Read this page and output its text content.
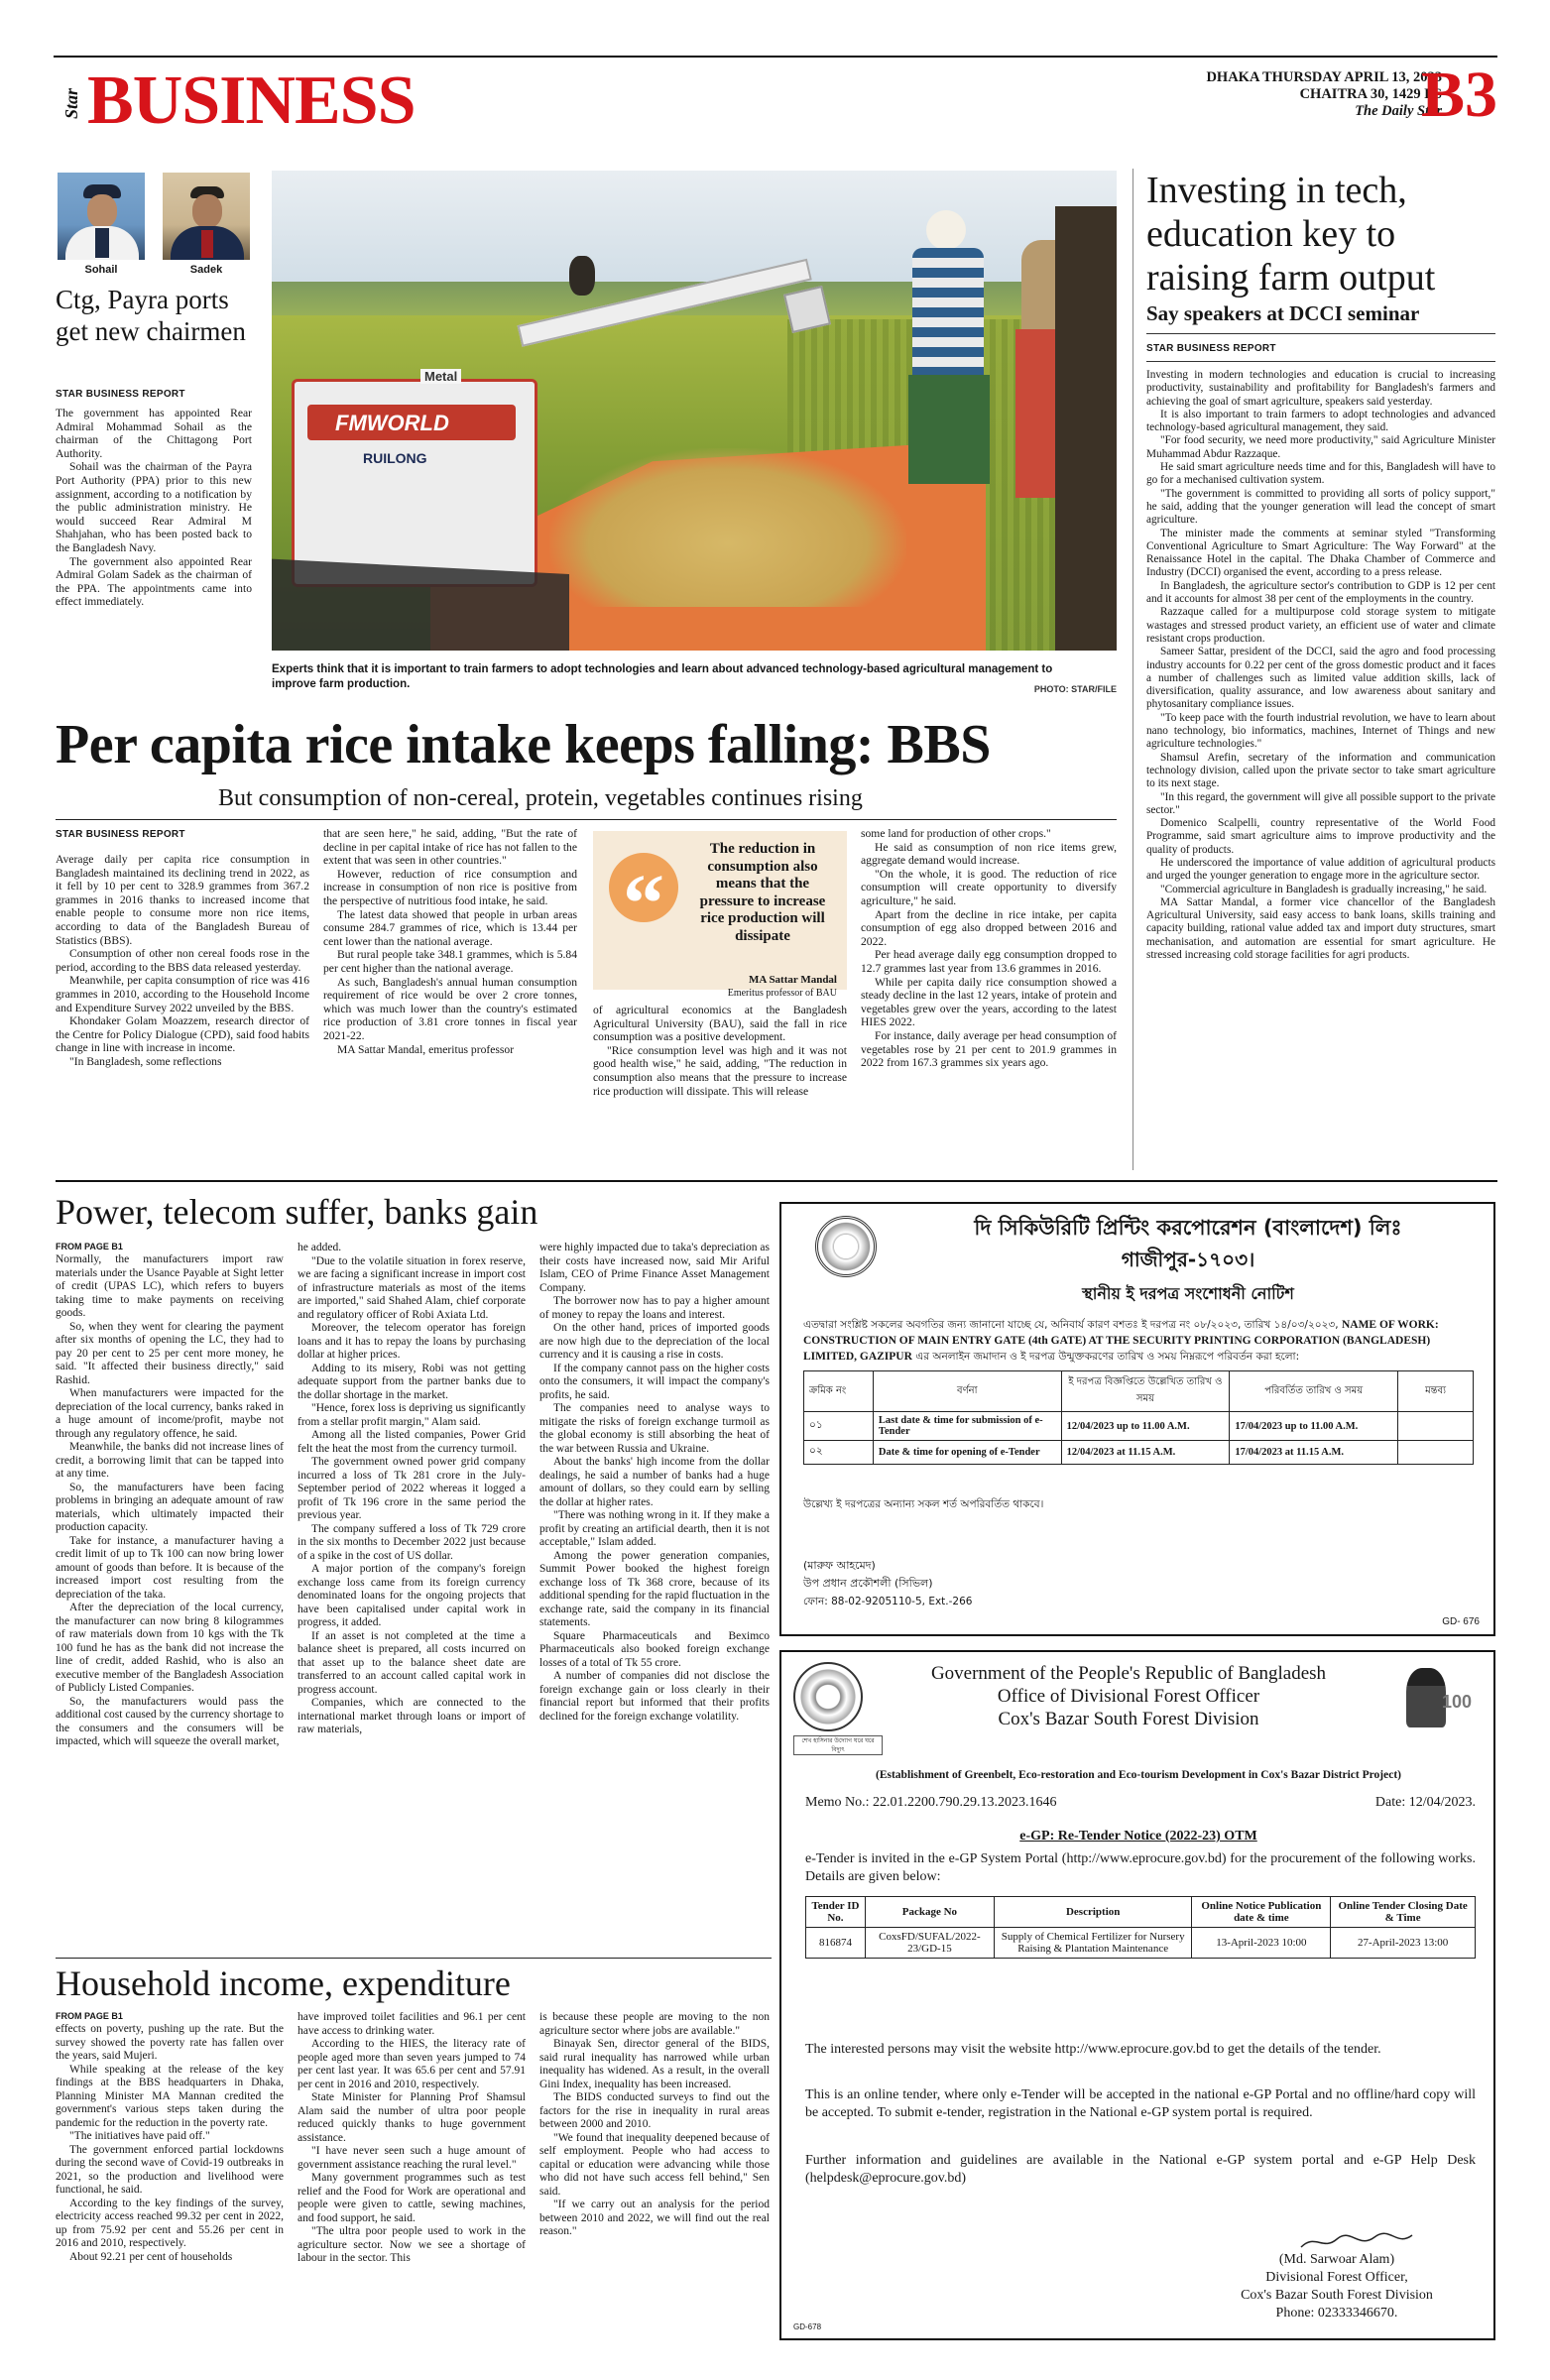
Star BUSINESS	DHAKA THURSDAY APRIL 13, 2023
CHAITRA 30, 1429 BS
The Daily Star
B3
Sohail	Sadek
Ctg, Payra ports get new chairmen
STAR BUSINESS REPORT

The government has appointed Rear Admiral Mohammad Sohail as the chairman of the Chittagong Port Authority.

Sohail was the chairman of the Payra Port Authority (PPA) prior to this new assignment, according to a notification by the public administration ministry. He would succeed Rear Admiral M Shahjahan, who has been posted back to the Bangladesh Navy.

The government also appointed Rear Admiral Golam Sadek as the chairman of the PPA. The appointments came into effect immediately.

FMWORLD
RUILONG
Metal
Experts think that it is important to train farmers to adopt technologies and learn about advanced technology-based agricultural management to improve farm production.	PHOTO: STAR/FILE
Investing in tech, education key to raising farm output
Say speakers at DCCI seminar
STAR BUSINESS REPORT

Investing in modern technologies and education is crucial to increasing productivity, sustainability and profitability for Bangladesh's farmers and achieving the goal of smart agriculture, speakers said yesterday.

It is also important to train farmers to adopt technologies and advanced technology-based agricultural management, they said.

"For food security, we need more productivity," said Agriculture Minister Muhammad Abdur Razzaque.

He said smart agriculture needs time and for this, Bangladesh will have to go for a mechanised cultivation system.

"The government is committed to providing all sorts of policy support," he said, adding that the younger generation will lead the concept of smart agriculture.

The minister made the comments at seminar styled "Transforming Conventional Agriculture to Smart Agriculture: The Way Forward" at the Renaissance Hotel in the capital. The Dhaka Chamber of Commerce and Industry (DCCI) organised the event, according to a press release.

In Bangladesh, the agriculture sector's contribution to GDP is 12 per cent and it accounts for almost 38 per cent of the employments in the country.

Razzaque called for a multipurpose cold storage system to mitigate wastages and stressed product variety, an efficient use of water and climate resistant crops production.

Sameer Sattar, president of the DCCI, said the agro and food processing industry accounts for 0.22 per cent of the gross domestic product and it faces a number of challenges such as limited value addition skills, lack of diversification, quality assurance, and low awareness about sanitary and phytosanitary compliance issues.

"To keep pace with the fourth industrial revolution, we have to learn about nano technology, bio informatics, machines, Internet of Things and new agriculture technologies."

Shamsul Arefin, secretary of the information and communication technology division, called upon the private sector to take smart agriculture to its next stage.

"In this regard, the government will give all possible support to the private sector."

Domenico Scalpelli, country representative of the World Food Programme, said smart agriculture aims to improve productivity and the quality of products.

He underscored the importance of value addition of agricultural products and urged the younger generation to engage more in the agriculture sector.

"Commercial agriculture in Bangladesh is gradually increasing," he said.

MA Sattar Mandal, a former vice chancellor of the Bangladesh Agricultural University, said easy access to bank loans, skills training and capacity building, rational value added tax and import duty structures, smart mechanisation, and automation are essential for smart agriculture. He stressed increasing cold storage facilities for agri products.

Per capita rice intake keeps falling: BBS
But consumption of non-cereal, protein, vegetables continues rising
STAR BUSINESS REPORT

Average daily per capita rice consumption in Bangladesh maintained its declining trend in 2022, as it fell by 10 per cent to 328.9 grammes from 367.2 grammes in 2016 thanks to increased income that enable people to consume more non rice items, according to data of the Bangladesh Bureau of Statistics (BBS).

Consumption of other non cereal foods rose in the period, according to the BBS data released yesterday.

Meanwhile, per capita consumption of rice was 416 grammes in 2010, according to the Household Income and Expenditure Survey 2022 unveiled by the BBS.

Khondaker Golam Moazzem, research director of the Centre for Policy Dialogue (CPD), said food habits change in line with increase in income.

"In Bangladesh, some reflections

that are seen here," he said, adding, "But the rate of decline in per capital intake of rice has not fallen to the extent that was seen in other countries."

However, reduction of rice consumption and increase in consumption of non rice is positive from the perspective of nutritious food intake, he said.

The latest data showed that people in urban areas consume 284.7 grammes of rice, which is 13.44 per cent lower than the national average.

But rural people take 348.1 grammes, which is 5.84 per cent higher than the national average.

As such, Bangladesh's annual human consumption requirement of rice would be over 2 crore tonnes, which was much lower than the country's estimated rice production of 3.81 crore tonnes in fiscal year 2021-22.

MA Sattar Mandal, emeritus professor

“
The reduction in consumption also means that the pressure to increase rice production will dissipate
MA Sattar Mandal
Emeritus professor of BAU

of agricultural economics at the Bangladesh Agricultural University (BAU), said the fall in rice consumption was a positive development.

"Rice consumption level was high and it was not good health wise," he said, adding, "The reduction in consumption also means that the pressure to increase rice production will dissipate. This will release

some land for production of other crops."

He said as consumption of non rice items grew, aggregate demand would increase.

"On the whole, it is good. The reduction of rice consumption will create opportunity to diversify agriculture," he said.

Apart from the decline in rice intake, per capita consumption of egg also dropped between 2016 and 2022.

Per head average daily egg consumption dropped to 12.7 grammes last year from 13.6 grammes in 2016.

While per capita daily rice consumption showed a steady decline in the last 12 years, intake of protein and vegetables grew over the years, according to the latest HIES 2022.

For instance, daily average per head consumption of vegetables rose by 21 per cent to 201.9 grammes in 2022 from 167.3 grammes six years ago.

Power, telecom suffer, banks gain
FROM PAGE B1

Normally, the manufacturers import raw materials under the Usance Payable at Sight letter of credit (UPAS LC), which refers to buyers taking time to make payments on receiving goods.

So, when they went for clearing the payment after six months of opening the LC, they had to pay 20 per cent to 25 per cent more money, he said. "It affected their business directly," said Rashid.

When manufacturers were impacted for the depreciation of the local currency, banks raked in a huge amount of income/profit, maybe not through any regulatory offence, he said.

Meanwhile, the banks did not increase lines of credit, a borrowing limit that can be tapped into at any time.

So, the manufacturers have been facing problems in bringing an adequate amount of raw materials, which ultimately impacted their production capacity.

Take for instance, a manufacturer having a credit limit of up to Tk 100 can now bring lower amount of goods than before. It is because of the increased import cost resulting from the depreciation of the taka.

After the depreciation of the local currency, the manufacturer can now bring 8 kilogrammes of raw materials down from 10 kgs with the Tk 100 fund he has as the bank did not increase the line of credit, added Rashid, who is also an executive member of the Bangladesh Association of Publicly Listed Companies.

So, the manufacturers would pass the additional cost caused by the currency shortage to the consumers and the consumers will be impacted, which will squeeze the overall market,

he added.

"Due to the volatile situation in forex reserve, we are facing a significant increase in import cost of infrastructure materials as most of the items are imported," said Shahed Alam, chief corporate and regulatory officer of Robi Axiata Ltd.

Moreover, the telecom operator has foreign loans and it has to repay the loans by purchasing dollar at higher prices.

Adding to its misery, Robi was not getting adequate support from the partner banks due to the dollar shortage in the market.

"Hence, forex loss is depriving us significantly from a stellar profit margin," Alam said.

Among all the listed companies, Power Grid felt the heat the most from the currency turmoil.

The government owned power grid company incurred a loss of Tk 281 crore in the July-September period of 2022 whereas it logged a profit of Tk 196 crore in the same period the previous year.

The company suffered a loss of Tk 729 crore in the six months to December 2022 just because of a spike in the cost of US dollar.

A major portion of the company's foreign exchange loss came from its foreign currency denominated loans for the ongoing projects that have been capitalised under capital work in progress, it added.

If an asset is not completed at the time a balance sheet is prepared, all costs incurred on that asset up to the balance sheet date are transferred to an account called capital work in progress account.

Companies, which are connected to the international market through loans or import of raw materials,

were highly impacted due to taka's depreciation as their costs have increased now, said Mir Ariful Islam, CEO of Prime Finance Asset Management Company.

The borrower now has to pay a higher amount of money to repay the loans and interest.

On the other hand, prices of imported goods are now high due to the depreciation of the local currency and it is causing a rise in costs.

If the company cannot pass on the higher costs onto the consumers, it will impact the company's profits, he said.

The companies need to analyse ways to mitigate the risks of foreign exchange turmoil as the global economy is still absorbing the heat of the war between Russia and Ukraine.

About the banks' high income from the dollar dealings, he said a number of banks had a huge amount of dollars, so they could earn by selling the dollar at higher rates.

"There was nothing wrong in it. If they make a profit by creating an artificial dearth, then it is not acceptable," Islam added.

Among the power generation companies, Summit Power booked the highest foreign exchange loss of Tk 368 crore, because of its additional spending for the rapid fluctuation in the exchange rate, said the company in its financial statements.

Square Pharmaceuticals and Beximco Pharmaceuticals also booked foreign exchange losses of a total of Tk 55 crore.

A number of companies did not disclose the foreign exchange gain or loss clearly in their financial report but informed that their profits declined for the foreign exchange volatility.

Household income, expenditure
FROM PAGE B1

effects on poverty, pushing up the rate. But the survey showed the poverty rate has fallen over the years, said Mujeri.

While speaking at the release of the key findings at the BBS headquarters in Dhaka, Planning Minister MA Mannan credited the government's various steps taken during the pandemic for the reduction in the poverty rate.

"The initiatives have paid off."

The government enforced partial lockdowns during the second wave of Covid-19 outbreaks in 2021, so the production and livelihood were functional, he said.

According to the key findings of the survey, electricity access reached 99.32 per cent in 2022, up from 75.92 per cent and 55.26 per cent in 2016 and 2010, respectively.

About 92.21 per cent of households

have improved toilet facilities and 96.1 per cent have access to drinking water.

According to the HIES, the literacy rate of people aged more than seven years jumped to 74 per cent last year. It was 65.6 per cent and 57.91 per cent in 2016 and 2010, respectively.

State Minister for Planning Prof Shamsul Alam said the number of ultra poor people reduced quickly thanks to huge government assistance.

"I have never seen such a huge amount of government assistance reaching the rural level."

Many government programmes such as test relief and the Food for Work are operational and people were given to cattle, sewing machines, and food support, he said.

"The ultra poor people used to work in the agriculture sector. Now we see a shortage of labour in the sector. This

is because these people are moving to the non agriculture sector where jobs are available."

Binayak Sen, director general of the BIDS, said rural inequality has narrowed while urban inequality has widened. As a result, in the overall Gini Index, inequality has been increased.

The BIDS conducted surveys to find out the factors for the rise in inequality in rural areas between 2000 and 2010.

"We found that inequality deepened because of self employment. People who had access to capital or education were advancing while those who did not have such access fell behind," Sen said.

"If we carry out an analysis for the period between 2010 and 2022, we will find out the real reason."

দি সিকিউরিটি প্রিন্টিং করপোরেশন (বাংলাদেশ) লিঃ
গাজীপুর-১৭০৩।
স্থানীয় ই দরপত্র সংশোধনী নোটিশ
এতদ্বারা সংশ্লিষ্ট সকলের অবগতির জন্য জানানো যাচ্ছে যে, অনিবার্য কারণ বশতঃ ই দরপত্র নং ০৮/২০২৩, তারিখ ১৪/০৩/২০২৩, NAME OF WORK: CONSTRUCTION OF MAIN ENTRY GATE (4th GATE) AT THE SECURITY PRINTING CORPORATION (BANGLADESH) LIMITED, GAZIPUR এর অনলাইন জমাদান ও ই দরপত্র উন্মুক্তকরণের তারিখ ও সময় নিম্নরূপে পরিবর্তন করা হলো:
ক্রমিক নং	বর্ণনা	ই দরপত্র বিজ্ঞপ্তিতে উল্লেখিত তারিখ ও সময়	পরিবর্তিত তারিখ ও সময়	মন্তব্য
০১	Last date & time for submission of e-Tender	12/04/2023 up to 11.00 A.M.	17/04/2023 up to 11.00 A.M.	
০২	Date & time for opening of e-Tender	12/04/2023 at 11.15 A.M.	17/04/2023 at 11.15 A.M.	
উল্লেখ্য ই দরপত্রের অন্যান্য সকল শর্ত অপরিবর্তিত থাকবে।
(মারুফ আহমেদ)
উপ প্রধান প্রকৌশলী (সিভিল)
ফোন: 88-02-9205110-5, Ext.-266
GD- 676
Government of the People's Republic of Bangladesh
Office of Divisional Forest Officer
Cox's Bazar South Forest Division
শেখ হাসিনার উদ্যোগ ঘরে ঘরে বিদ্যুৎ
100
(Establishment of Greenbelt, Eco-restoration and Eco-tourism Development in Cox's Bazar District Project)
Memo No.: 22.01.2200.790.29.13.2023.1646	Date: 12/04/2023.
e-GP: Re-Tender Notice (2022-23) OTM
e-Tender is invited in the e-GP System Portal (http://www.eprocure.gov.bd) for the procurement of the following works. Details are given below:
Tender ID No.	Package No	Description	Online Notice Publication date & time	Online Tender Closing Date & Time
816874	CoxsFD/SUFAL/2022-23/GD-15	Supply of Chemical Fertilizer for Nursery Raising & Plantation Maintenance	13-April-2023 10:00	27-April-2023 13:00
The interested persons may visit the website http://www.eprocure.gov.bd to get the details of the tender.
This is an online tender, where only e-Tender will be accepted in the national e-GP Portal and no offline/hard copy will be accepted. To submit e-tender, registration in the National e-GP system portal is required.
Further information and guidelines are available in the National e-GP system portal and e-GP Help Desk (helpdesk@eprocure.gov.bd)
(Md. Sarwoar Alam)
Divisional Forest Officer,
Cox's Bazar South Forest Division
Phone: 02333346670.
GD-678
